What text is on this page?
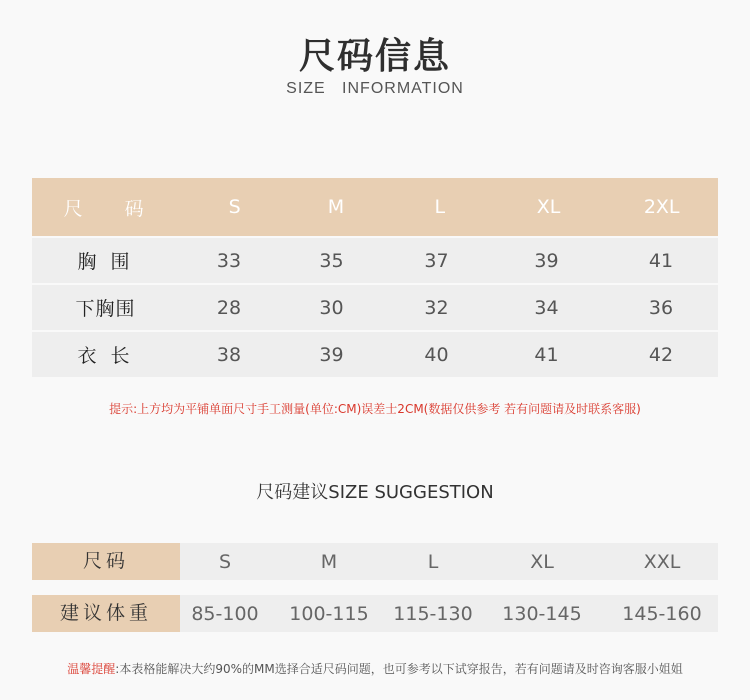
尺码信息
SIZE   INFORMATION
尺 码	S	M	L	XL	2XL
胸 围	33	35	37	39	41
下胸围	28	30	32	34	36
衣 长	38	39	40	41	42
提示:上方均为平铺单面尺寸手工测量(单位:CM)误差士2CM(数据仅供参考 若有问题请及时联系客服)
尺码建议SIZE SUGGESTION
尺码	S	M	L	XL	XXL
建议体重	85-100	100-115	115-130	130-145	145-160
温馨提醒:本表格能解决大约90%的MM选择合适尺码问题，也可参考以下试穿报告，若有问题请及时咨询客服小姐姐
